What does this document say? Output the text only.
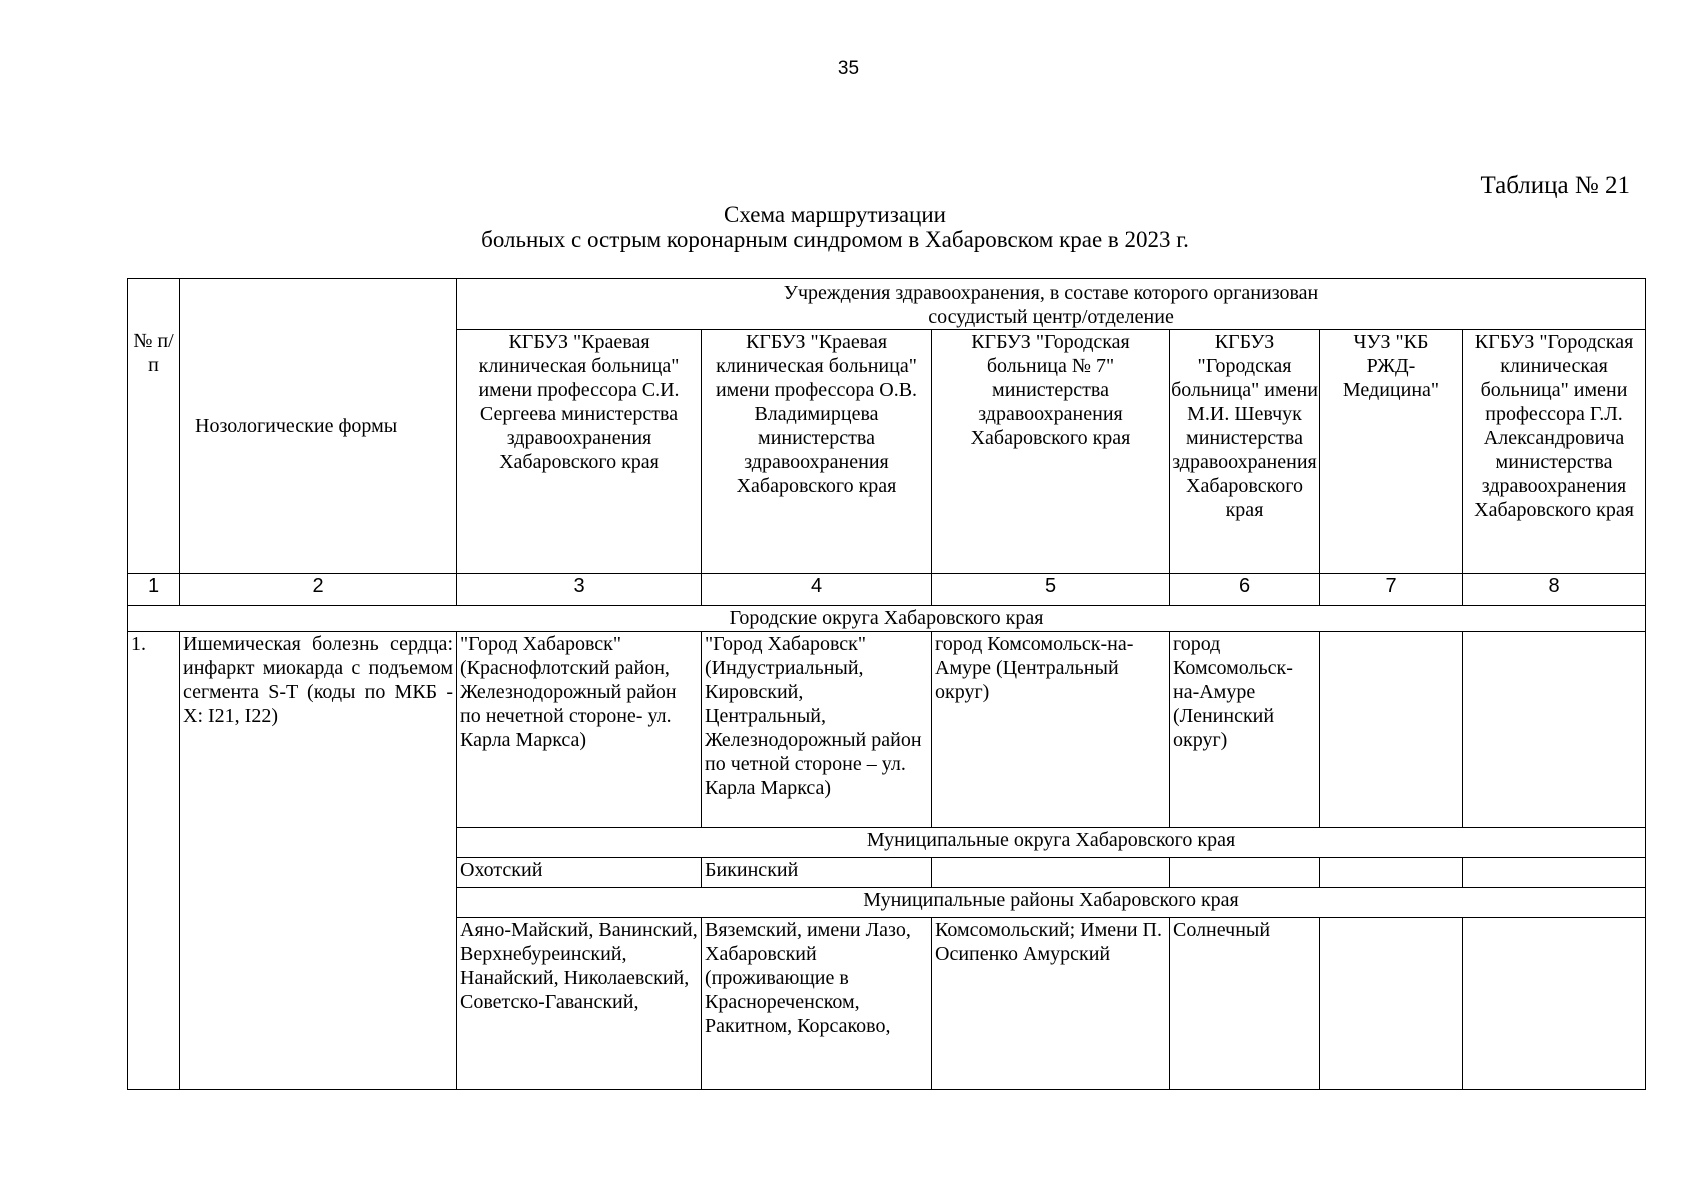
35
Таблица № 21
Схема маршрутизации
больных с острым коронарным синдромом в Хабаровском крае в 2023 г.
№ п/п	Нозологические формы	Учреждения здравоохранения, в составе которого организован сосудистый центр/отделение					
		КГБУЗ "Краевая клиническая больница" имени профессора С.И. Сергеева министерства здравоохранения Хабаровского края	КГБУЗ "Краевая клиническая больница" имени профессора О.В. Владимирцева министерства здравоохранения Хабаровского края	КГБУЗ "Городская больница № 7" министерства здравоохранения Хабаровского края	КГБУЗ "Городская больница" имени М.И. Шевчук министерства здравоохранения Хабаровского края	ЧУЗ "КБ РЖД-Медицина"	КГБУЗ "Городская клиническая больница" имени профессора Г.Л. Александровича министерства здравоохранения Хабаровского края
1	2	3	4	5	6	7	8
Городские округа Хабаровского края							
1.	Ишемическая болезнь сердца: инфаркт миокарда с подъемом сегмента S-T (коды по МКБ - X: I21, I22)	"Город Хабаровск" (Краснофлотский район, Железнодорожный район по нечетной стороне- ул. Карла Маркса)	"Город Хабаровск" (Индустриальный, Кировский, Центральный, Железнодорожный район по четной стороне – ул. Карла Маркса)	город Комсомольск-на-Амуре (Центральный округ)	город Комсомольск-на-Амуре (Ленинский округ)		
		Муниципальные округа Хабаровского края					
		Охотский	Бикинский				
		Муниципальные районы Хабаровского края					
		Аяно-Майский, Ванинский, Верхнебуреинский, Нанайский, Николаевский, Советско-Гаванский,	Вяземский, имени Лазо, Хабаровский (проживающие в Краснореченском, Ракитном, Корсаково,	Комсомольский; Имени П. Осипенко Амурский	Солнечный		
